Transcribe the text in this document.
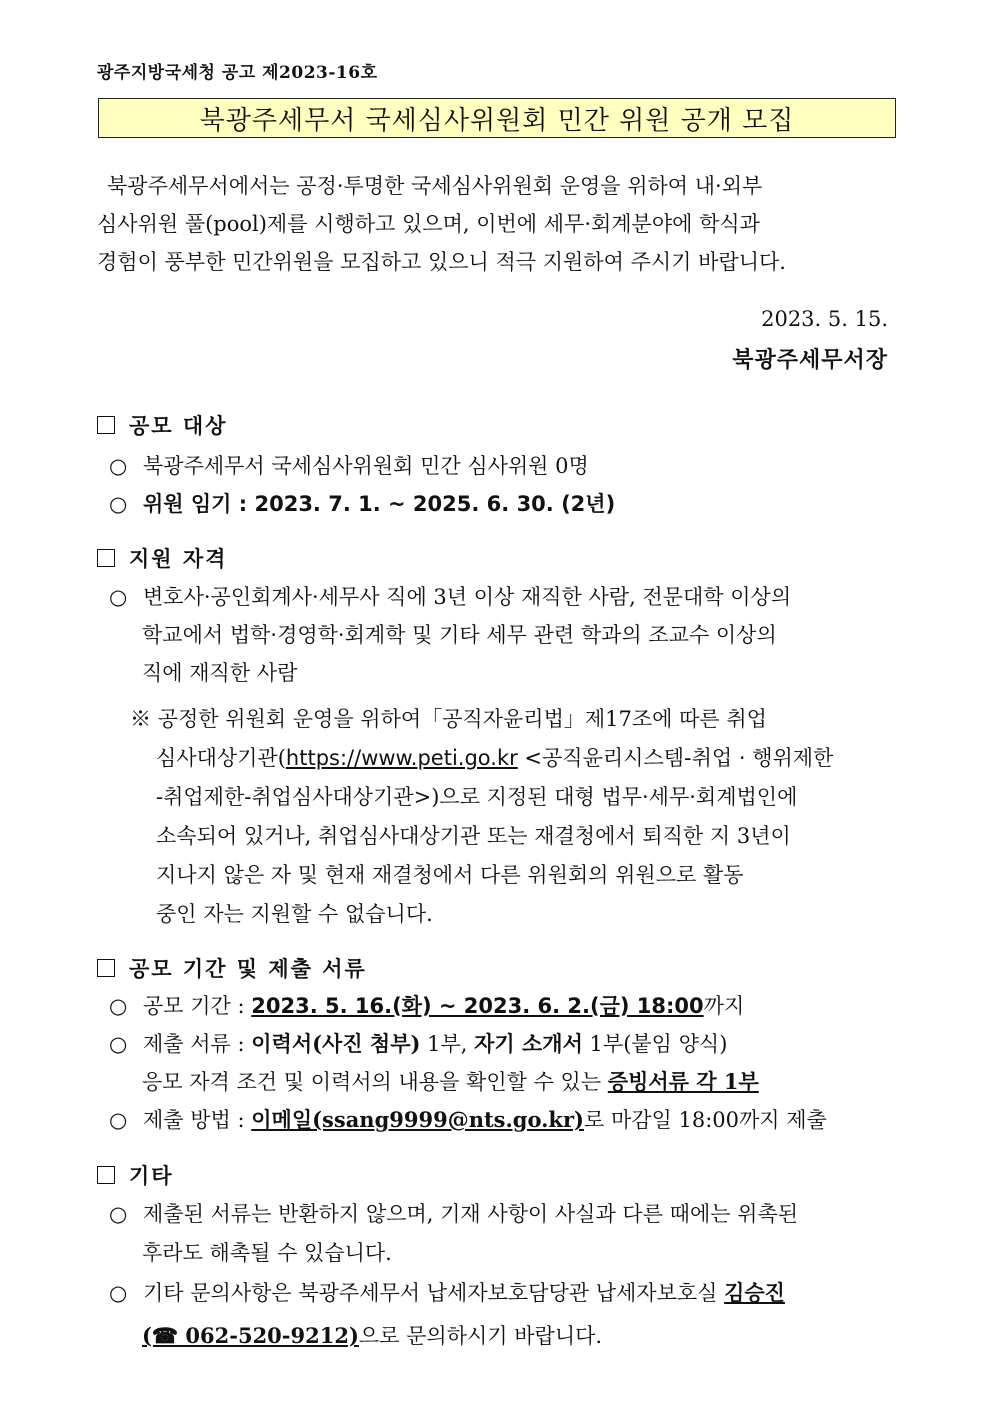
광주지방국세청 공고 제2023-16호
북광주세무서 국세심사위원회 민간 위원 공개 모집
북광주세무서에서는 공정·투명한 국세심사위원회 운영을 위하여 내·외부
심사위원 풀(pool)제를 시행하고 있으며, 이번에 세무·회계분야에 학식과
경험이 풍부한 민간위원을 모집하고 있으니 적극 지원하여 주시기 바랍니다.
2023. 5. 15.
북광주세무서장
공모 대상
○ 북광주세무서 국세심사위원회 민간 심사위원 0명
○ 위원 임기 : 2023. 7. 1. ~ 2025. 6. 30. (2년)
지원 자격
○ 변호사·공인회계사·세무사 직에 3년 이상 재직한 사람, 전문대학 이상의
학교에서 법학·경영학·회계학 및 기타 세무 관련 학과의 조교수 이상의
직에 재직한 사람
※ 공정한 위원회 운영을 위하여「공직자윤리법」제17조에 따른 취업
심사대상기관(https://www.peti.go.kr <공직윤리시스템-취업 · 행위제한
-취업제한-취업심사대상기관>)으로 지정된 대형 법무·세무·회계법인에
소속되어 있거나, 취업심사대상기관 또는 재결청에서 퇴직한 지 3년이
지나지 않은 자 및 현재 재결청에서 다른 위원회의 위원으로 활동
중인 자는 지원할 수 없습니다.
공모 기간 및 제출 서류
○ 공모 기간 : 2023. 5. 16.(화) ~ 2023. 6. 2.(금) 18:00까지
○ 제출 서류 : 이력서(사진 첨부) 1부, 자기 소개서 1부(붙임 양식)
응모 자격 조건 및 이력서의 내용을 확인할 수 있는 증빙서류 각 1부
○ 제출 방법 : 이메일(ssang9999@nts.go.kr)로 마감일 18:00까지 제출
기타
○ 제출된 서류는 반환하지 않으며, 기재 사항이 사실과 다른 때에는 위촉된
후라도 해촉될 수 있습니다.
○ 기타 문의사항은 북광주세무서 납세자보호담당관 납세자보호실 김승진
(☎ 062-520-9212)으로 문의하시기 바랍니다.
